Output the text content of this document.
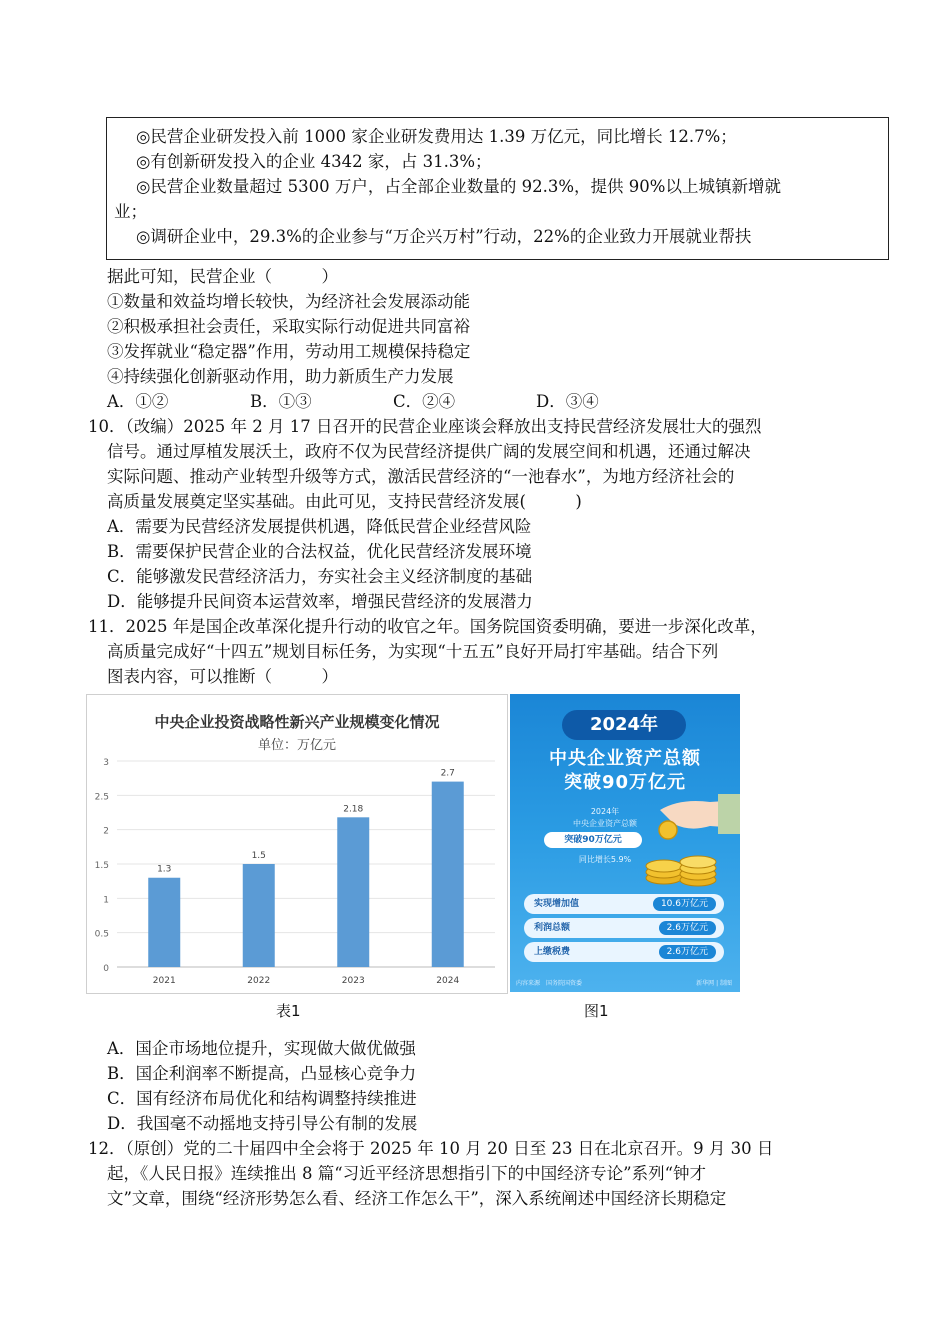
◎民营企业研发投入前 1000 家企业研发费用达 1.39 万亿元，同比增长 12.7%；
◎有创新研发投入的企业 4342 家，占 31.3%；
◎民营企业数量超过 5300 万户，占全部企业数量的 92.3%，提供 90%以上城镇新增就
业；
◎调研企业中，29.3%的企业参与“万企兴万村”行动，22%的企业致力开展就业帮扶
据此可知，民营企业（　　　）
①数量和效益均增长较快，为经济社会发展添动能
②积极承担社会责任，采取实际行动促进共同富裕
③发挥就业“稳定器”作用，劳动用工规模保持稳定
④持续强化创新驱动作用，助力新质生产力发展
A．①②	B．①③	C．②④	D．③④
10．（改编）2025 年 2 月 17 日召开的民营企业座谈会释放出支持民营经济发展壮大的强烈
信号。通过厚植发展沃土，政府不仅为民营经济提供广阔的发展空间和机遇，还通过解决
实际问题、推动产业转型升级等方式，激活民营经济的“一池春水”，为地方经济社会的
高质量发展奠定坚实基础。由此可见，支持民营经济发展(　　　)
A．需要为民营经济发展提供机遇，降低民营企业经营风险
B．需要保护民营企业的合法权益，优化民营经济发展环境
C．能够激发民营经济活力，夯实社会主义经济制度的基础
D．能够提升民间资本运营效率，增强民营经济的发展潜力
11．2025 年是国企改革深化提升行动的收官之年。国务院国资委明确，要进一步深化改革，
高质量完成好“十四五”规划目标任务，为实现“十五五”良好开局打牢基础。结合下列
图表内容，可以推断（　　　）
中央企业投资战略性新兴产业规模变化情况
单位：万亿元
0
0.5
1
1.5
2
2.5
3
1.3
2021
1.5
2022
2.18
2023
2.7
2024
表1
2024年
中央企业资产总额
突破90万亿元
2024年
中央企业资产总额
突破90万亿元
同比增长5.9%
实现增加值	10.6万亿元
利润总额	2.6万亿元
上缴税费	2.6万亿元
内容来源　国务院国资委	新华网 | 制图
图1
A．国企市场地位提升，实现做大做优做强
B．国企利润率不断提高，凸显核心竞争力
C．国有经济布局优化和结构调整持续推进
D．我国毫不动摇地支持引导公有制的发展
12．（原创）党的二十届四中全会将于 2025 年 10 月 20 日至 23 日在北京召开。9 月 30 日
起，《人民日报》连续推出 8 篇“习近平经济思想指引下的中国经济专论”系列“钟才
文”文章，围绕“经济形势怎么看、经济工作怎么干”，深入系统阐述中国经济长期稳定
